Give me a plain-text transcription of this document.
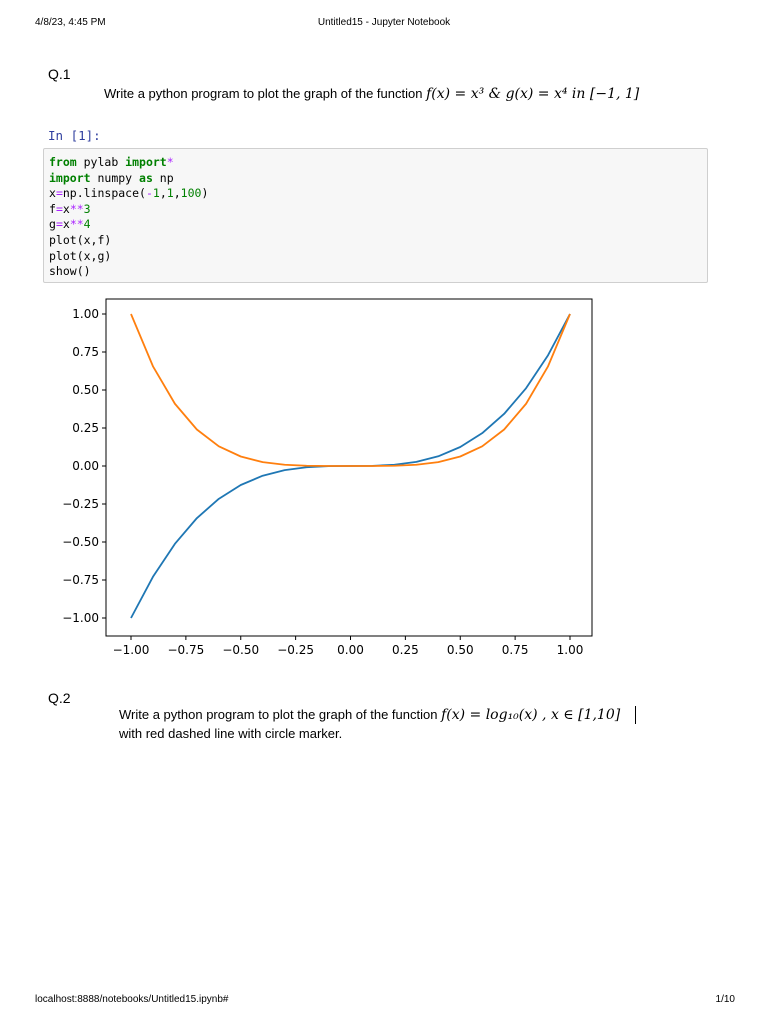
4/8/23, 4:45 PM	Untitled15 - Jupyter Notebook
Q.1
Write a python program to plot the graph of the function f(x) = x³ & g(x) = x⁴ in [−1, 1]
In [1]:
from pylab import*
import numpy as np
x=np.linspace(-1,1,100)
f=x**3
g=x**4
plot(x,f)
plot(x,g)
show()
−1.00 −0.75 −0.50 −0.25 0.00 0.25 0.50 0.75 1.00
1.00
0.75
0.50
0.25
0.00
−0.25
−0.50
−0.75
−1.00
Q.2
Write a python program to plot the graph of the function f(x) = log₁₀(x) , x ∈ [1,10]
with red dashed line with circle marker.
localhost:8888/notebooks/Untitled15.ipynb#	1/10
